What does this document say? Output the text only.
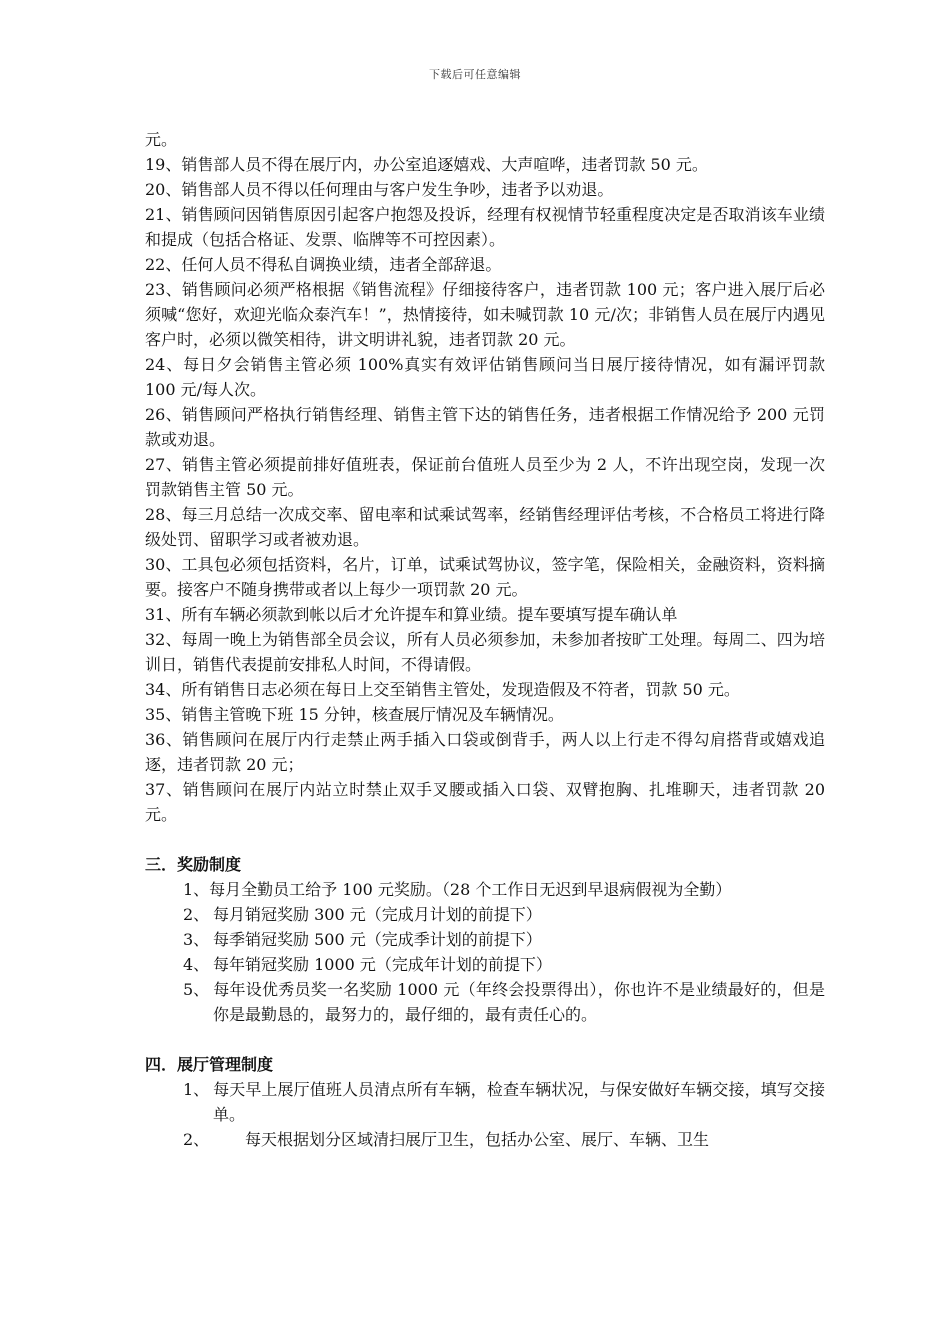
下载后可任意编辑

元。

19、销售部人员不得在展厅内，办公室追逐嬉戏、大声喧哗，违者罚款 50 元。

20、销售部人员不得以任何理由与客户发生争吵，违者予以劝退。

21、销售顾问因销售原因引起客户抱怨及投诉，经理有权视情节轻重程度决定是否取消该车业绩和提成（包括合格证、发票、临牌等不可控因素）。

22、任何人员不得私自调换业绩，违者全部辞退。

23、销售顾问必须严格根据《销售流程》仔细接待客户，违者罚款 100 元；客户进入展厅后必须喊“您好，欢迎光临众泰汽车！”，热情接待，如未喊罚款 10 元/次；非销售人员在展厅内遇见客户时，必须以微笑相待，讲文明讲礼貌，违者罚款 20 元。

24、每日夕会销售主管必须 100%真实有效评估销售顾问当日展厅接待情况，如有漏评罚款 100 元/每人次。

26、销售顾问严格执行销售经理、销售主管下达的销售任务，违者根据工作情况给予 200 元罚款或劝退。

27、销售主管必须提前排好值班表，保证前台值班人员至少为 2 人，不许出现空岗，发现一次罚款销售主管 50 元。

28、每三月总结一次成交率、留电率和试乘试驾率，经销售经理评估考核，不合格员工将进行降级处罚、留职学习或者被劝退。

30、工具包必须包括资料，名片，订单，试乘试驾协议，签字笔，保险相关，金融资料，资料摘要。接客户不随身携带或者以上每少一项罚款 20 元。

31、所有车辆必须款到帐以后才允许提车和算业绩。提车要填写提车确认单

32、每周一晚上为销售部全员会议，所有人员必须参加，未参加者按旷工处理。每周二、四为培训日，销售代表提前安排私人时间，不得请假。

34、所有销售日志必须在每日上交至销售主管处，发现造假及不符者，罚款 50 元。

35、销售主管晚下班 15 分钟，核查展厅情况及车辆情况。

36、销售顾问在展厅内行走禁止两手插入口袋或倒背手，两人以上行走不得勾肩搭背或嬉戏追逐，违者罚款 20 元；

37、销售顾问在展厅内站立时禁止双手叉腰或插入口袋、双臂抱胸、扎堆聊天，违者罚款 20 元。

三．奖励制度

1、每月全勤员工给予 100 元奖励。（28 个工作日无迟到早退病假视为全勤）

2、 每月销冠奖励 300 元（完成月计划的前提下）

3、 每季销冠奖励 500 元（完成季计划的前提下）

4、 每年销冠奖励 1000 元（完成年计划的前提下）

5、 每年设优秀员奖一名奖励 1000 元（年终会投票得出），你也许不是业绩最好的，但是你是最勤恳的，最努力的，最仔细的，最有责任心的。

四．展厅管理制度

1、 每天早上展厅值班人员清点所有车辆，检查车辆状况，与保安做好车辆交接，填写交接单。

2、 每天根据划分区域清扫展厅卫生，包括办公室、展厅、车辆、卫生
